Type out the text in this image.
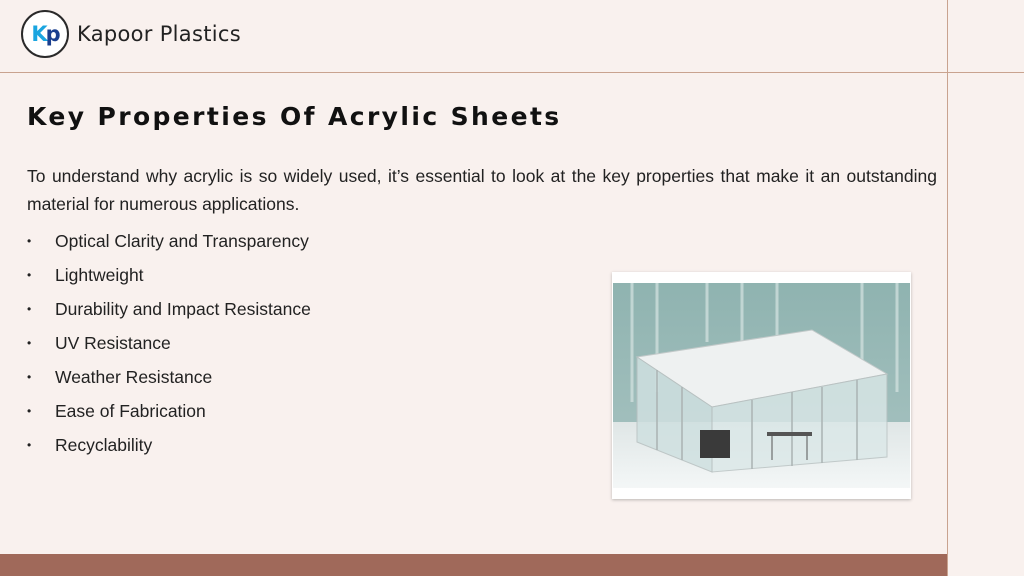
K p Kapoor Plastics
Key Properties Of Acrylic Sheets

To understand why acrylic is so widely used, it’s essential to look at the key properties that make it an outstanding material for numerous applications.

•	Optical Clarity and Transparency
•	Lightweight
•	Durability and Impact Resistance
•	UV Resistance
•	Weather Resistance
•	Ease of Fabrication
•	Recyclability
